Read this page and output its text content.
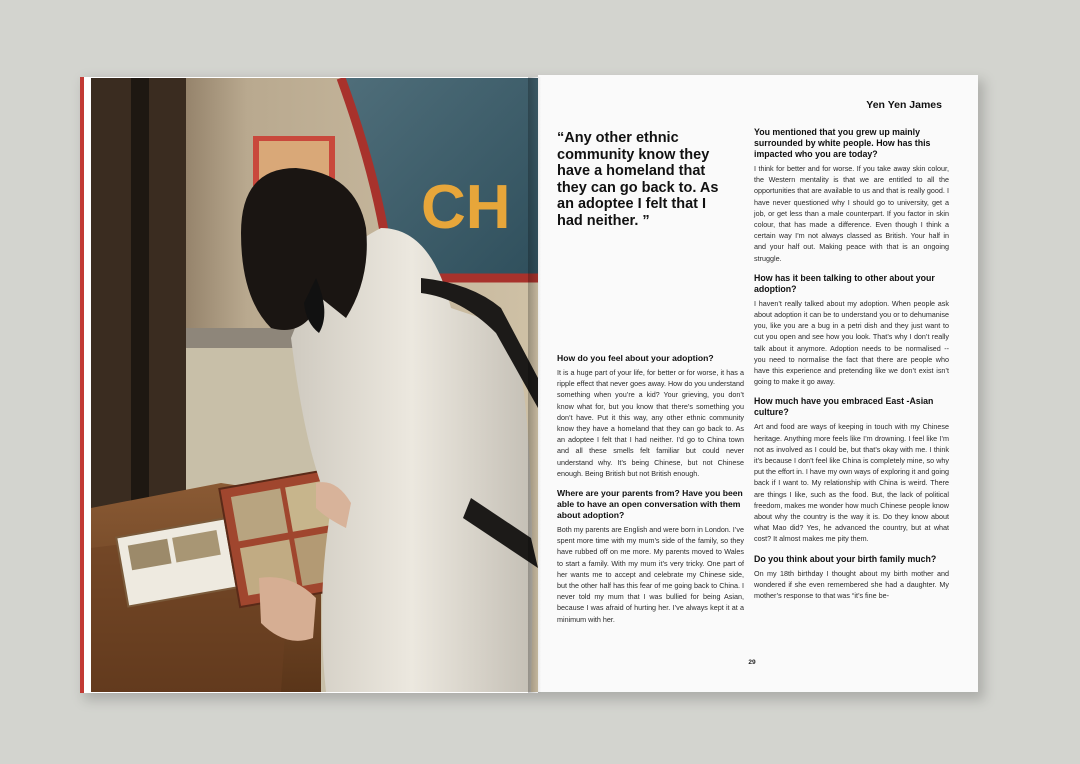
CH
Yen Yen James
“Any other ethnic community know they have a homeland that they can go back to. As an adoptee I felt that I had neither. ”
How do you feel about your adoption?

It is a huge part of your life, for better or for worse, it has a ripple effect that never goes away. How do you understand something when you’re a kid? Your grieving, you don’t know what for, but you know that there’s something you don’t have. Put it this way, any other ethnic community know they have a homeland that they can go back to. As an adoptee I felt that I had neither. I’d go to China town and all these smells felt familiar but could never understand why. It’s being Chinese, but not Chinese enough. Being British but not British enough.

Where are your parents from? Have you been able to have an open conversation with them about adoption?

Both my parents are English and were born in London. I’ve spent more time with my mum’s side of the family, so they have rubbed off on me more. My parents moved to Wales to start a family. With my mum it’s very tricky. One part of her wants me to accept and celebrate my Chinese side, but the other half has this fear of me going back to China. I never told my mum that I was bullied for being Asian, because I was afraid of hurting her. I’ve always kept it at a minimum with her.

You mentioned that you grew up mainly surrounded by white people. How has this impacted who you are today?

I think for better and for worse. If you take away skin colour, the Western mentality is that we are entitled to all the opportunities that are available to us and that is really good. I have never questioned why I should go to university, get a job, or get less than a male counterpart. If you factor in skin colour, that has made a difference. Even though I think a certain way I’m not always classed as British. Your half in and your half out. Making peace with that is an ongoing struggle.

How has it been talking to other about your adoption?

I haven’t really talked about my adoption. When people ask about adoption it can be to understand you or to dehumanise you, like you are a bug in a petri dish and they just want to cut you open and see how you look. That’s why I don’t really talk about it anymore. Adoption needs to be normalised -- you need to normalise the fact that there are people who have this experience and pretending like we don’t exist isn’t going to make it go away.

How much have you embraced East -Asian culture?

Art and food are ways of keeping in touch with my Chinese heritage. Anything more feels like I’m drowning. I feel like I’m not as involved as I could be, but that’s okay with me. I think it’s because I don’t feel like China is completely mine, so why put the effort in. I have my own ways of exploring it and going back if I want to. My relationship with China is weird. There are things I like, such as the food. But, the lack of political freedom, makes me wonder how much Chinese people know about why the country is the way it is. Do they know about what Mao did? Yes, he advanced the country, but at what cost? It almost makes me pity them.

Do you think about your birth family much?

On my 18th birthday I thought about my birth mother and wondered if she even remembered she had a daughter. My mother’s response to that was “it’s fine be-

29
